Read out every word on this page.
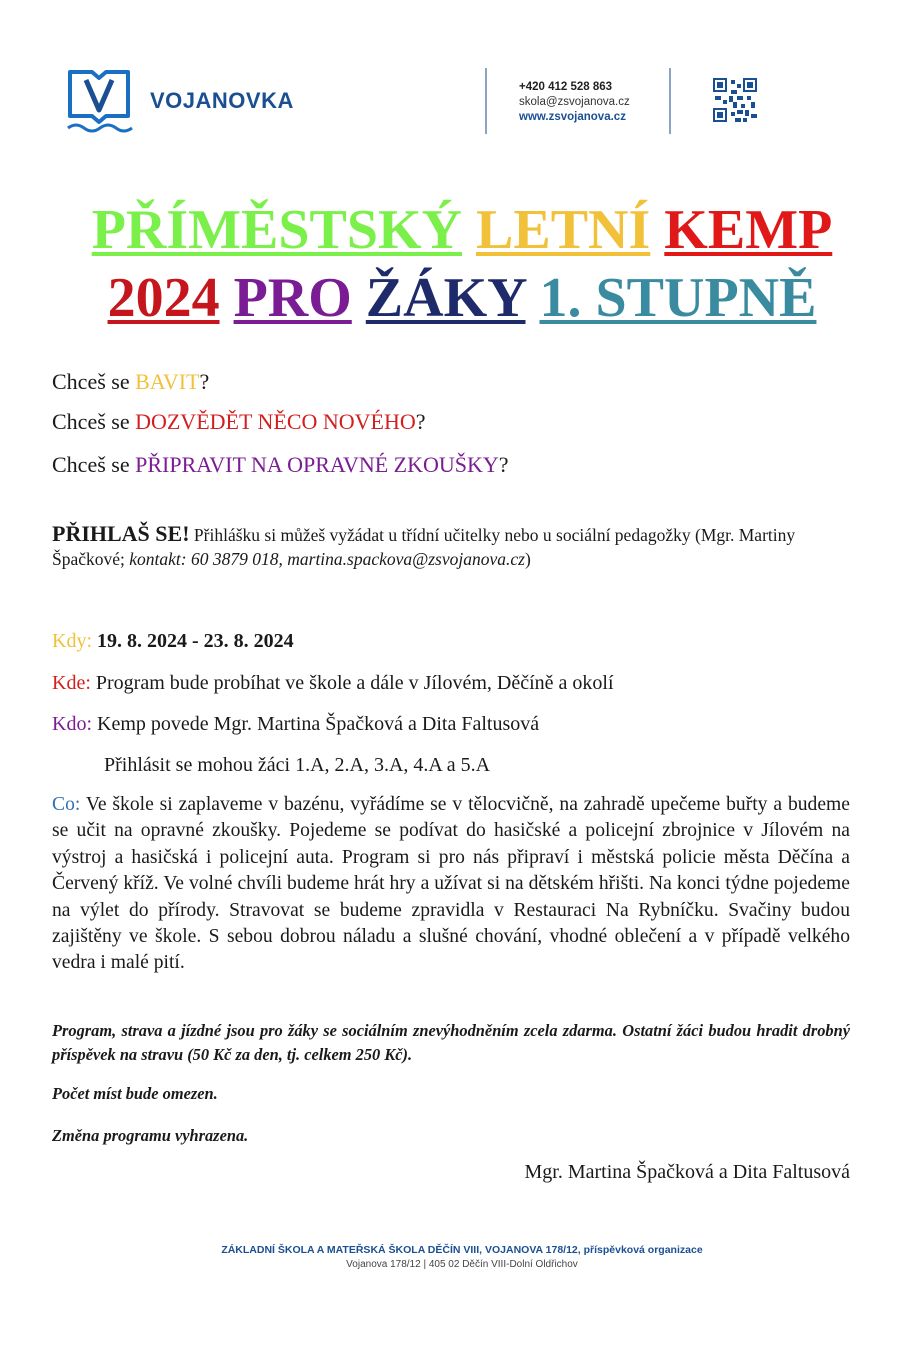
VOJANOVKA
+420 412 528 863
skola@zsvojanova.cz
www.zsvojanova.cz
PŘÍMĚSTSKÝ LETNÍ KEMP
2024 PRO ŽÁKY 1. STUPNĚ
Chceš se BAVIT?
Chceš se DOZVĚDĚT NĚCO NOVÉHO?
Chceš se PŘIPRAVIT NA OPRAVNÉ ZKOUŠKY?
PŘIHLAŠ SE! Přihlášku si můžeš vyžádat u třídní učitelky nebo u sociální pedagožky (Mgr. Martiny Špačkové; kontakt: 60 3879 018, martina.spackova@zsvojanova.cz)
Kdy: 19. 8. 2024 - 23. 8. 2024
Kde: Program bude probíhat ve škole a dále v Jílovém, Děčíně a okolí
Kdo: Kemp povede Mgr. Martina Špačková a Dita Faltusová
Přihlásit se mohou žáci 1.A, 2.A, 3.A, 4.A a 5.A
Co: Ve škole si zaplaveme v bazénu, vyřádíme se v tělocvičně, na zahradě upečeme buřty a budeme se učit na opravné zkoušky. Pojedeme se podívat do hasičské a policejní zbrojnice v Jílovém na výstroj a hasičská i policejní auta. Program si pro nás připraví i městská policie města Děčína a Červený kříž. Ve volné chvíli budeme hrát hry a užívat si na dětském hřišti. Na konci týdne pojedeme na výlet do přírody. Stravovat se budeme zpravidla v Restauraci Na Rybníčku. Svačiny budou zajištěny ve škole. S sebou dobrou náladu a slušné chování, vhodné oblečení a v případě velkého vedra i malé pití.
Program, strava a jízdné jsou pro žáky se sociálním znevýhodněním zcela zdarma. Ostatní žáci budou hradit drobný příspěvek na stravu (50 Kč za den, tj. celkem 250 Kč).
Počet míst bude omezen.
Změna programu vyhrazena.
Mgr. Martina Špačková a Dita Faltusová
ZÁKLADNÍ ŠKOLA A MATEŘSKÁ ŠKOLA DĚČÍN VIII, VOJANOVA 178/12, příspěvková organizace
Vojanova 178/12 | 405 02 Děčín VIII-Dolní Oldřichov
